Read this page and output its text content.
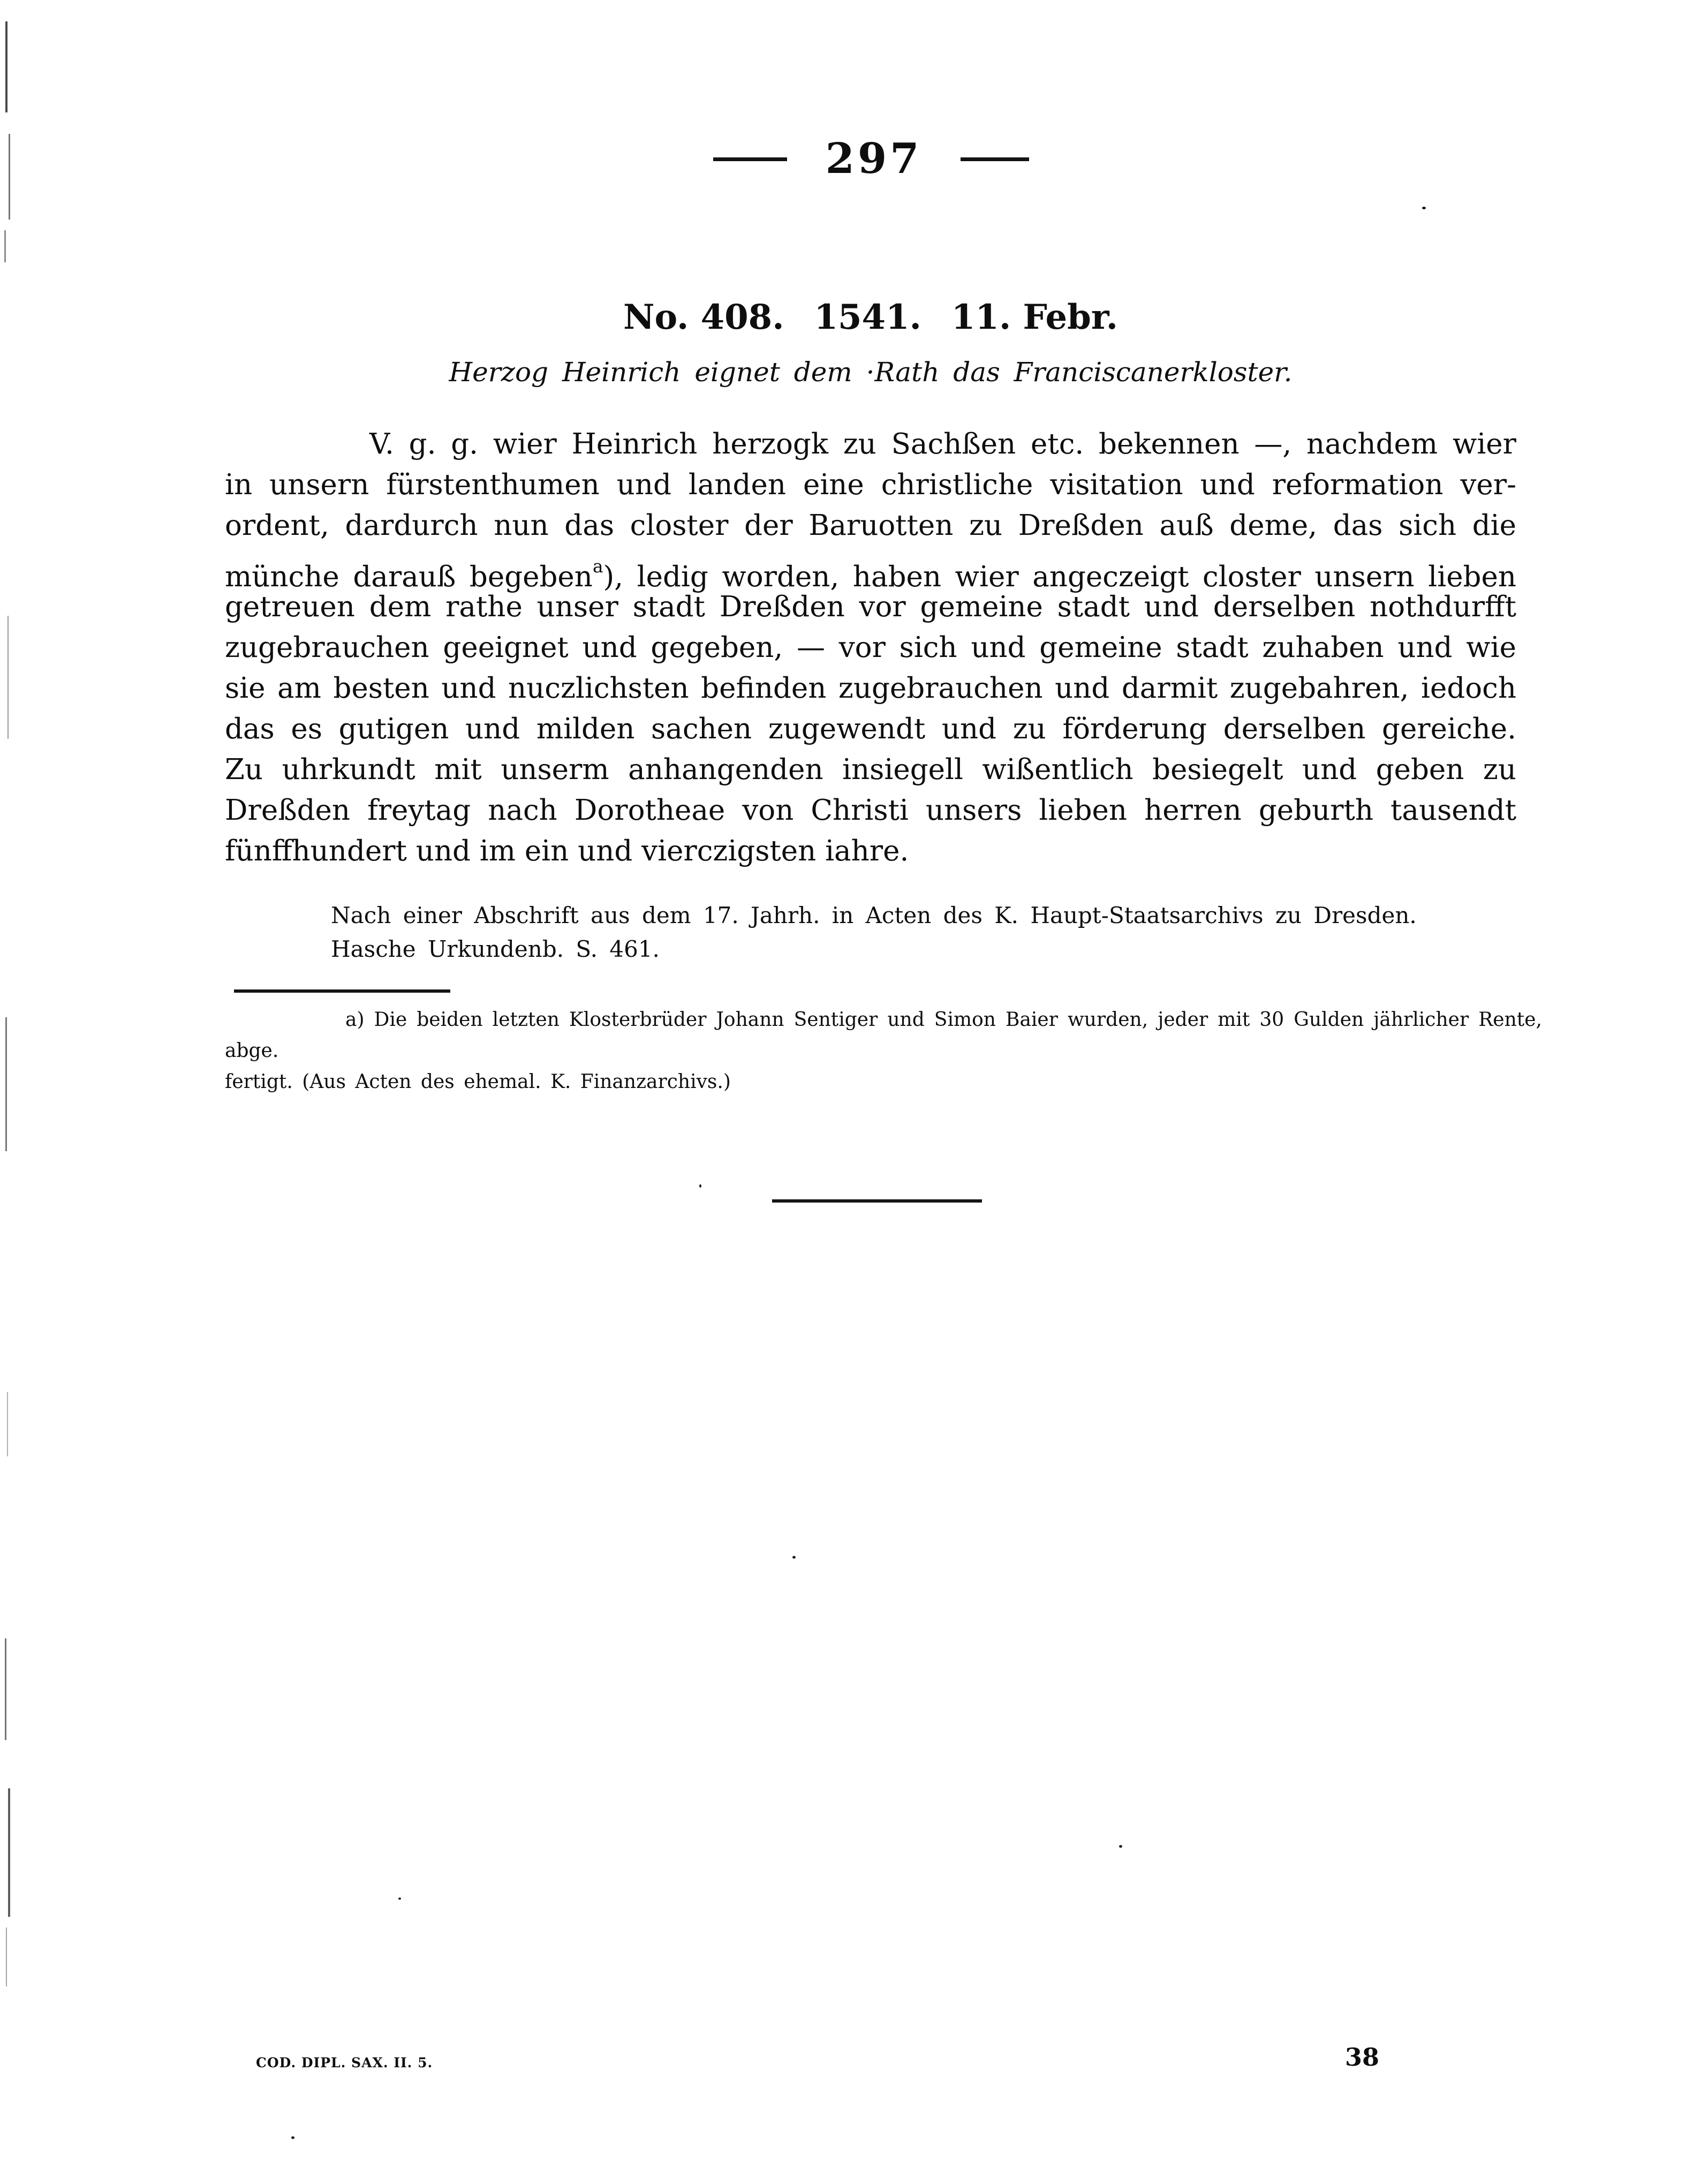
297
No. 408. 1541. 11. Febr.
Herzog Heinrich eignet dem ·Rath das Franciscanerkloster.
V. g. g. wier Heinrich herzogk zu Sachßen etc. bekennen —, nachdem wier
in unsern fürstenthumen und landen eine christliche visitation und reformation ver-
ordent, dardurch nun das closter der Baruotten zu Dreßden auß deme, das sich die
münche darauß begeben$^a$), ledig worden, haben wier angeczeigt closter unsern lieben
getreuen dem rathe unser stadt Dreßden vor gemeine stadt und derselben nothdurfft
zugebrauchen geeignet und gegeben, — vor sich und gemeine stadt zuhaben und wie
sie am besten und nuczlichsten befinden zugebrauchen und darmit zugebahren, iedoch
das es gutigen und milden sachen zugewendt und zu förderung derselben gereiche.
Zu uhrkundt mit unserm anhangenden insiegell wißentlich besiegelt und geben zu
Dreßden freytag nach Dorotheae von Christi unsers lieben herren geburth tausendt
fünffhundert und im ein und vierczigsten iahre.
Nach einer Abschrift aus dem 17. Jahrh. in Acten des K. Haupt-Staatsarchivs zu Dresden.
Hasche Urkundenb. S. 461.
a) Die beiden letzten Klosterbrüder Johann Sentiger und Simon Baier wurden, jeder mit 30 Gulden jährlicher Rente, abge.
fertigt. (Aus Acten des ehemal. K. Finanzarchivs.)
COD. DIPL. SAX. II. 5.	38
